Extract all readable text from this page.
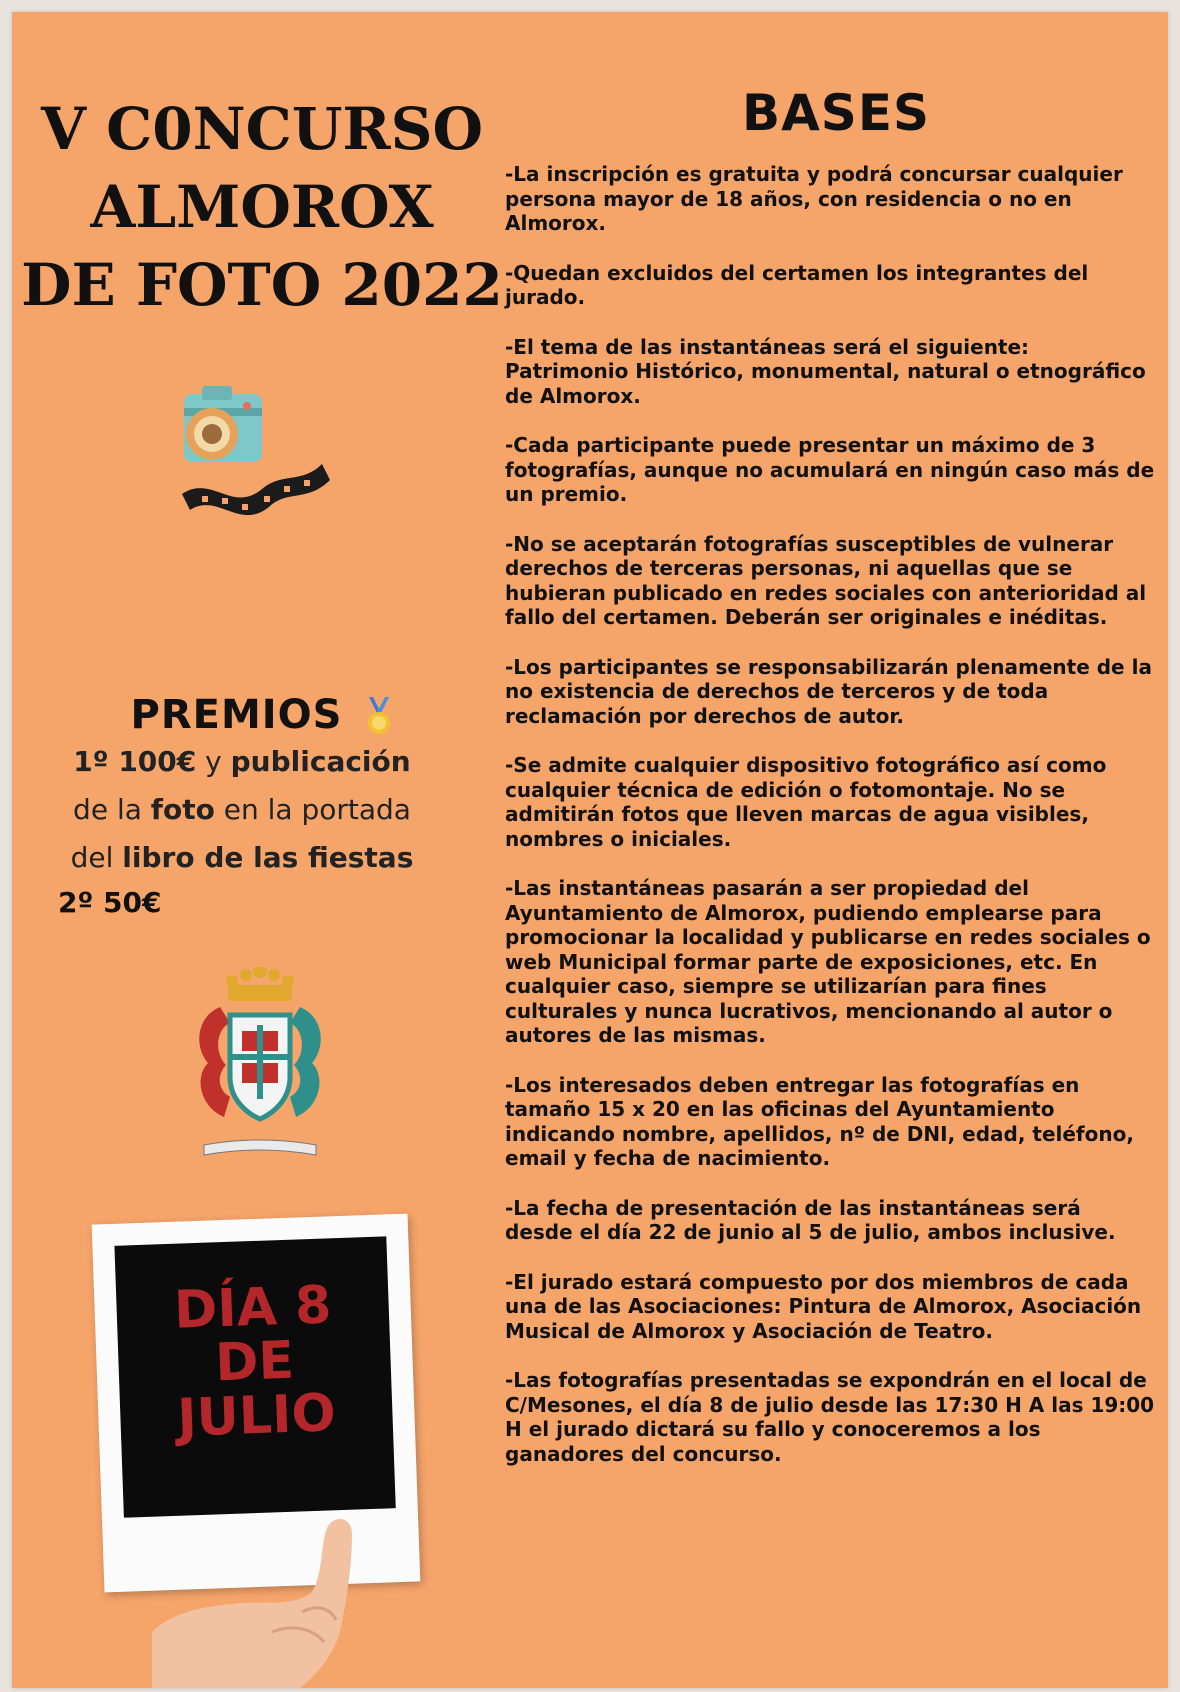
V C0NCURSO
ALMOROX
DE FOTO 2022
BASES
-La inscripción es gratuita y podrá concursar cualquier persona mayor de 18 años, con residencia o no en Almorox.
-Quedan excluidos del certamen los integrantes del jurado.
-El tema de las instantáneas será el siguiente: Patrimonio Histórico, monumental, natural o etnográfico de Almorox.
-Cada participante puede presentar un máximo de 3 fotografías, aunque no acumulará en ningún caso más de un premio.
-No se aceptarán fotografías susceptibles de vulnerar derechos de terceras personas, ni aquellas que se hubieran publicado en redes sociales con anterioridad al fallo del certamen. Deberán ser originales e inéditas.
-Los participantes se responsabilizarán plenamente de la no existencia de derechos de terceros y de toda reclamación por derechos de autor.
-Se admite cualquier dispositivo fotográfico así como cualquier técnica de edición o fotomontaje. No se admitirán fotos que lleven marcas de agua visibles, nombres o iniciales.
-Las instantáneas pasarán a ser propiedad del Ayuntamiento de Almorox, pudiendo emplearse para promocionar la localidad y publicarse en redes sociales o web Municipal formar parte de exposiciones, etc. En cualquier caso, siempre se utilizarían para fines culturales y nunca lucrativos, mencionando al autor o autores de las mismas.
-Los interesados deben entregar las fotografías en tamaño 15 x 20 en las oficinas del Ayuntamiento indicando nombre, apellidos, nº de DNI, edad, teléfono, email y fecha de nacimiento.
-La fecha de presentación de las instantáneas será desde el día 22 de junio al 5 de julio, ambos inclusive.
-El jurado estará compuesto por dos miembros de cada una de las Asociaciones: Pintura de Almorox, Asociación Musical de Almorox y Asociación de Teatro.
-Las fotografías presentadas se expondrán en el local de C/Mesones, el día 8 de julio desde las 17:30 H A las 19:00 H el jurado dictará su fallo y conoceremos a los ganadores del concurso.
PREMIOS
1º 100€ y publicación
de la foto en la portada
del libro de las fiestas
2º 50€
DÍA 8
DE
JULIO
